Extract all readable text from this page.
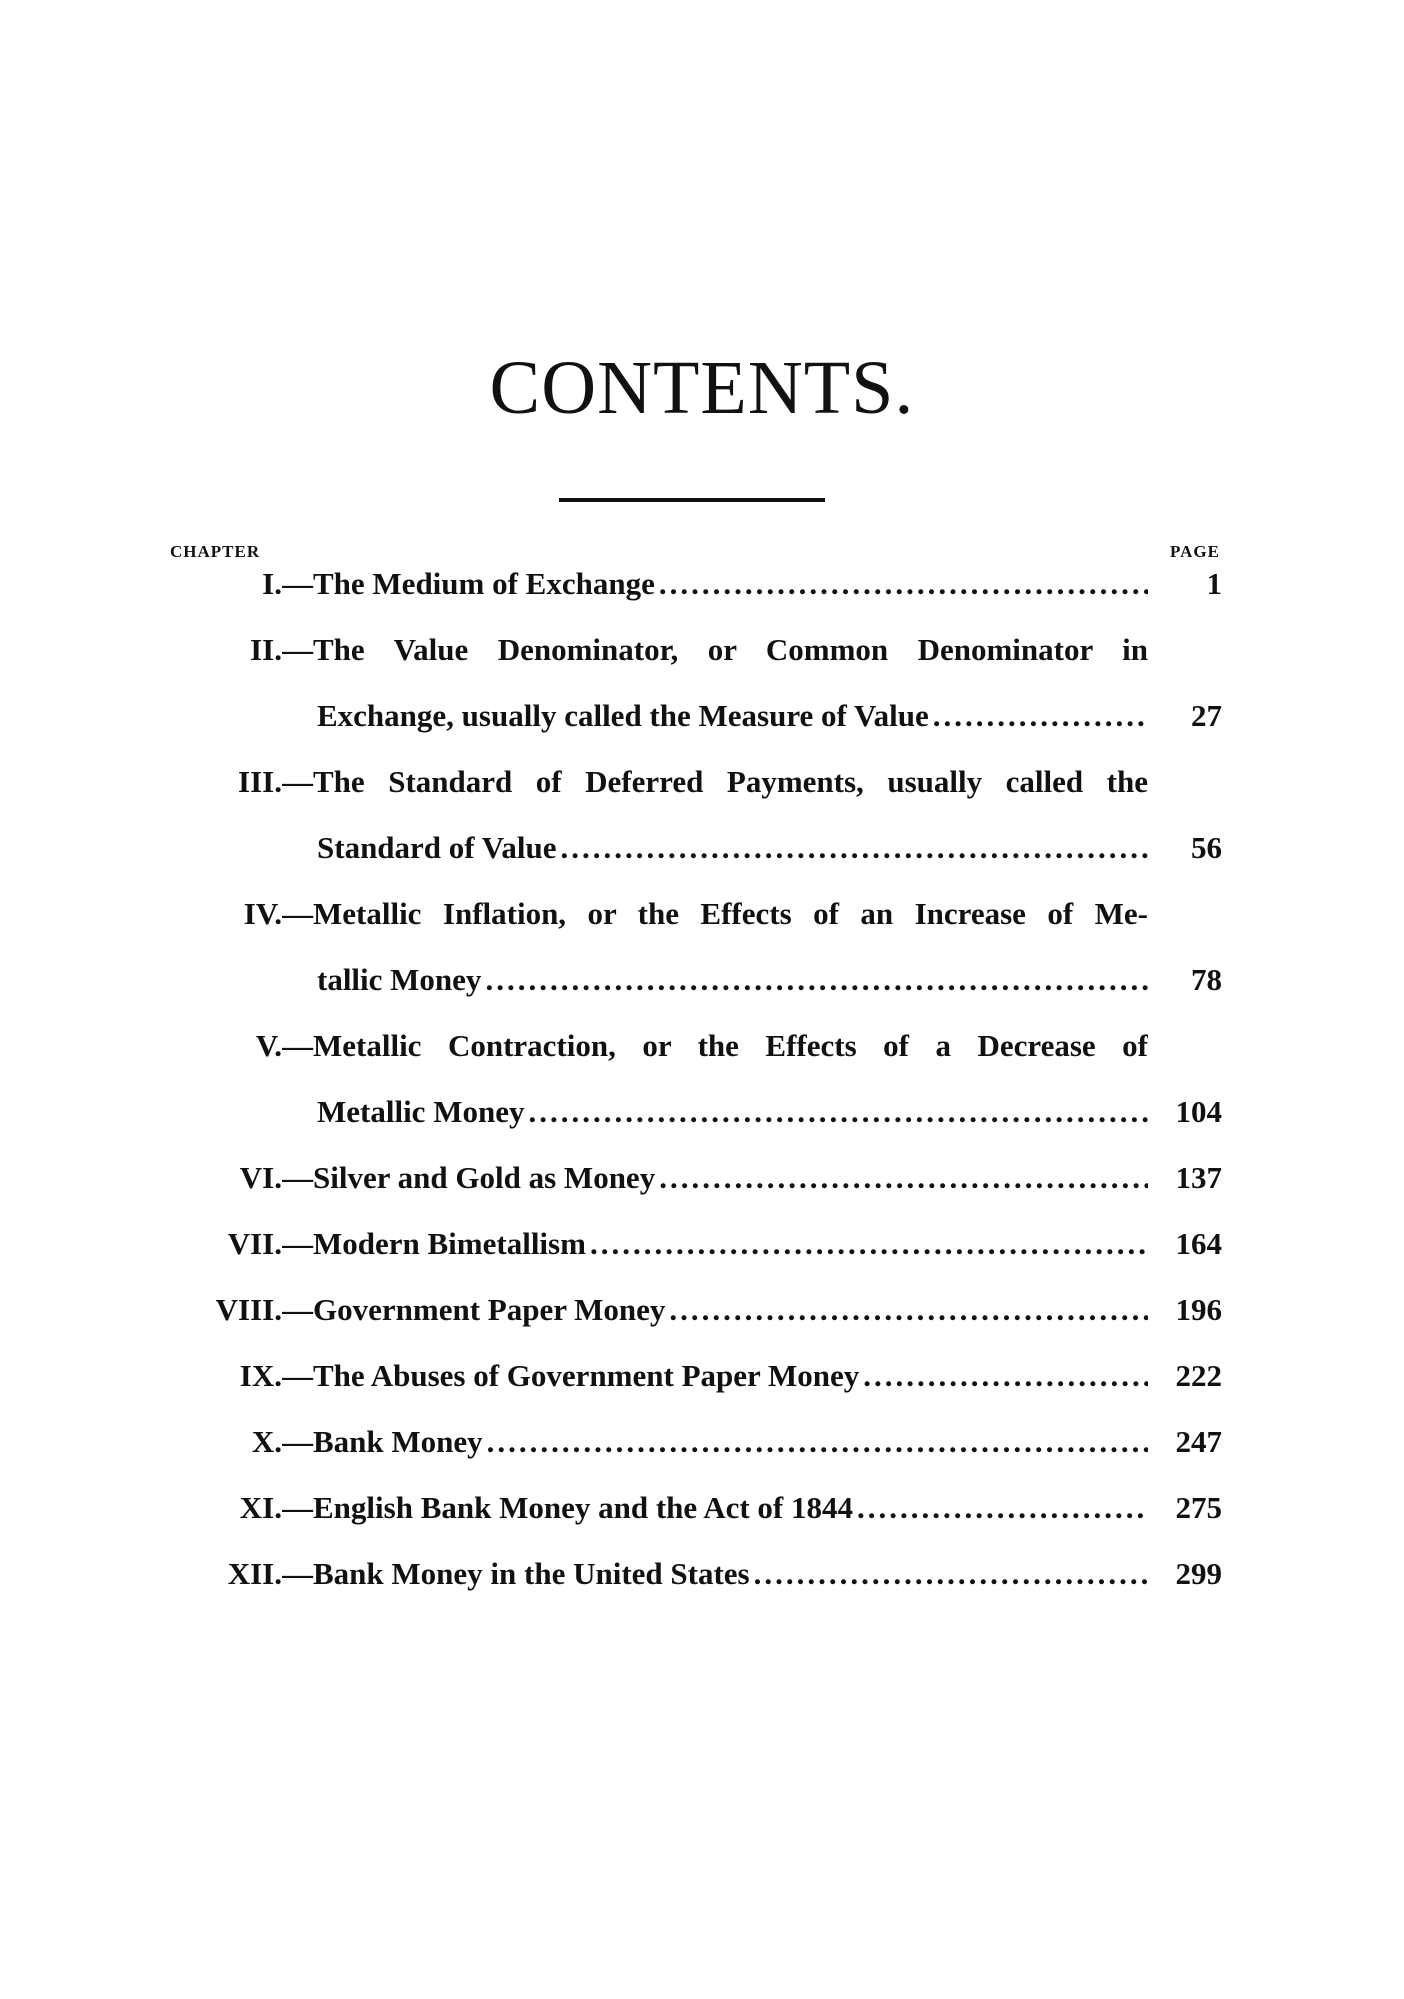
CONTENTS.
CHAPTER	PAGE
I. —The Medium of Exchange .....	1
II. —The Value Denominator, or Common Denominator in
Exchange, usually called the Measure of Value .....	27
III. —The Standard of Deferred Payments, usually called the
Standard of Value .....	56
IV. —Metallic Inflation, or the Effects of an Increase of Me-
tallic Money .....	78
V. —Metallic Contraction, or the Effects of a Decrease of
Metallic Money .....	104
VI. —Silver and Gold as Money .....	137
VII. —Modern Bimetallism .....	164
VIII. —Government Paper Money .....	196
IX. —The Abuses of Government Paper Money .....	222
X. —Bank Money .....	247
XI. —English Bank Money and the Act of 1844 .....	275
XII. —Bank Money in the United States .....	299
